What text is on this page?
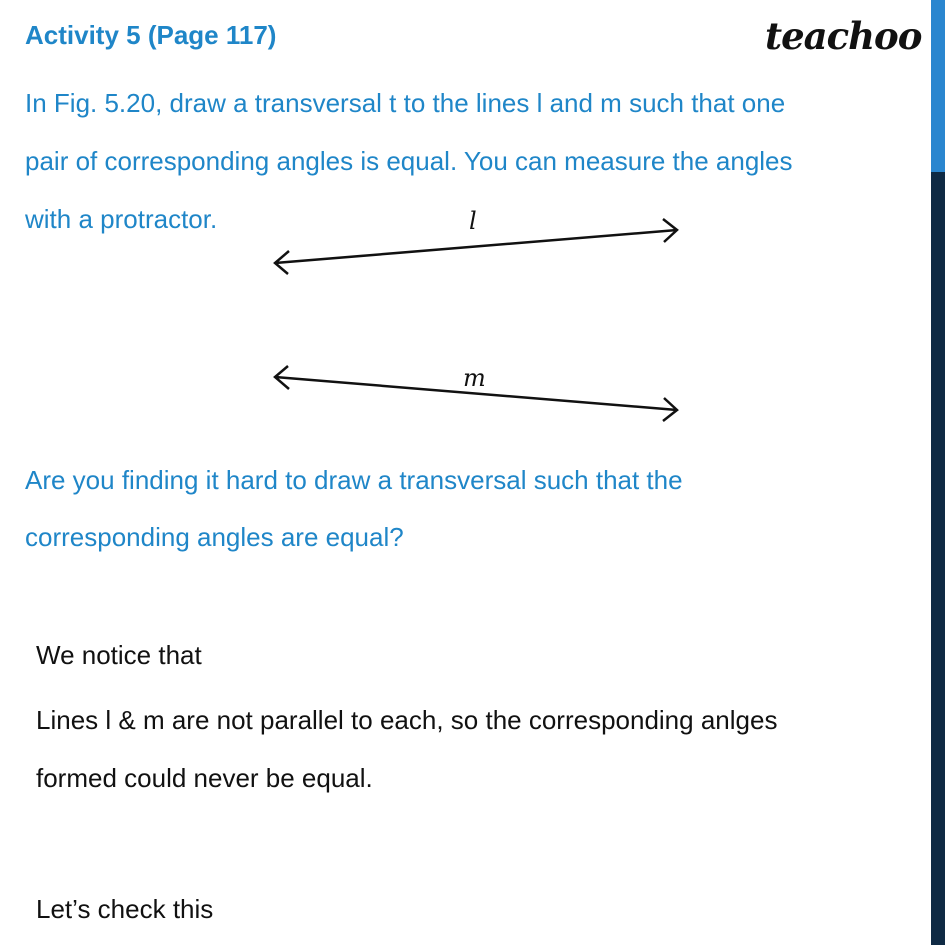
Activity 5 (Page 117)	teachoo

In Fig. 5.20, draw a transversal t to the lines l and m such that one

pair of corresponding angles is equal. You can measure the angles

with a protractor.	l
m

Are you finding it hard to draw a transversal such that the

corresponding angles are equal?

We notice that

Lines l & m are not parallel to each, so the corresponding anlges

formed could never be equal.

Let’s check this
